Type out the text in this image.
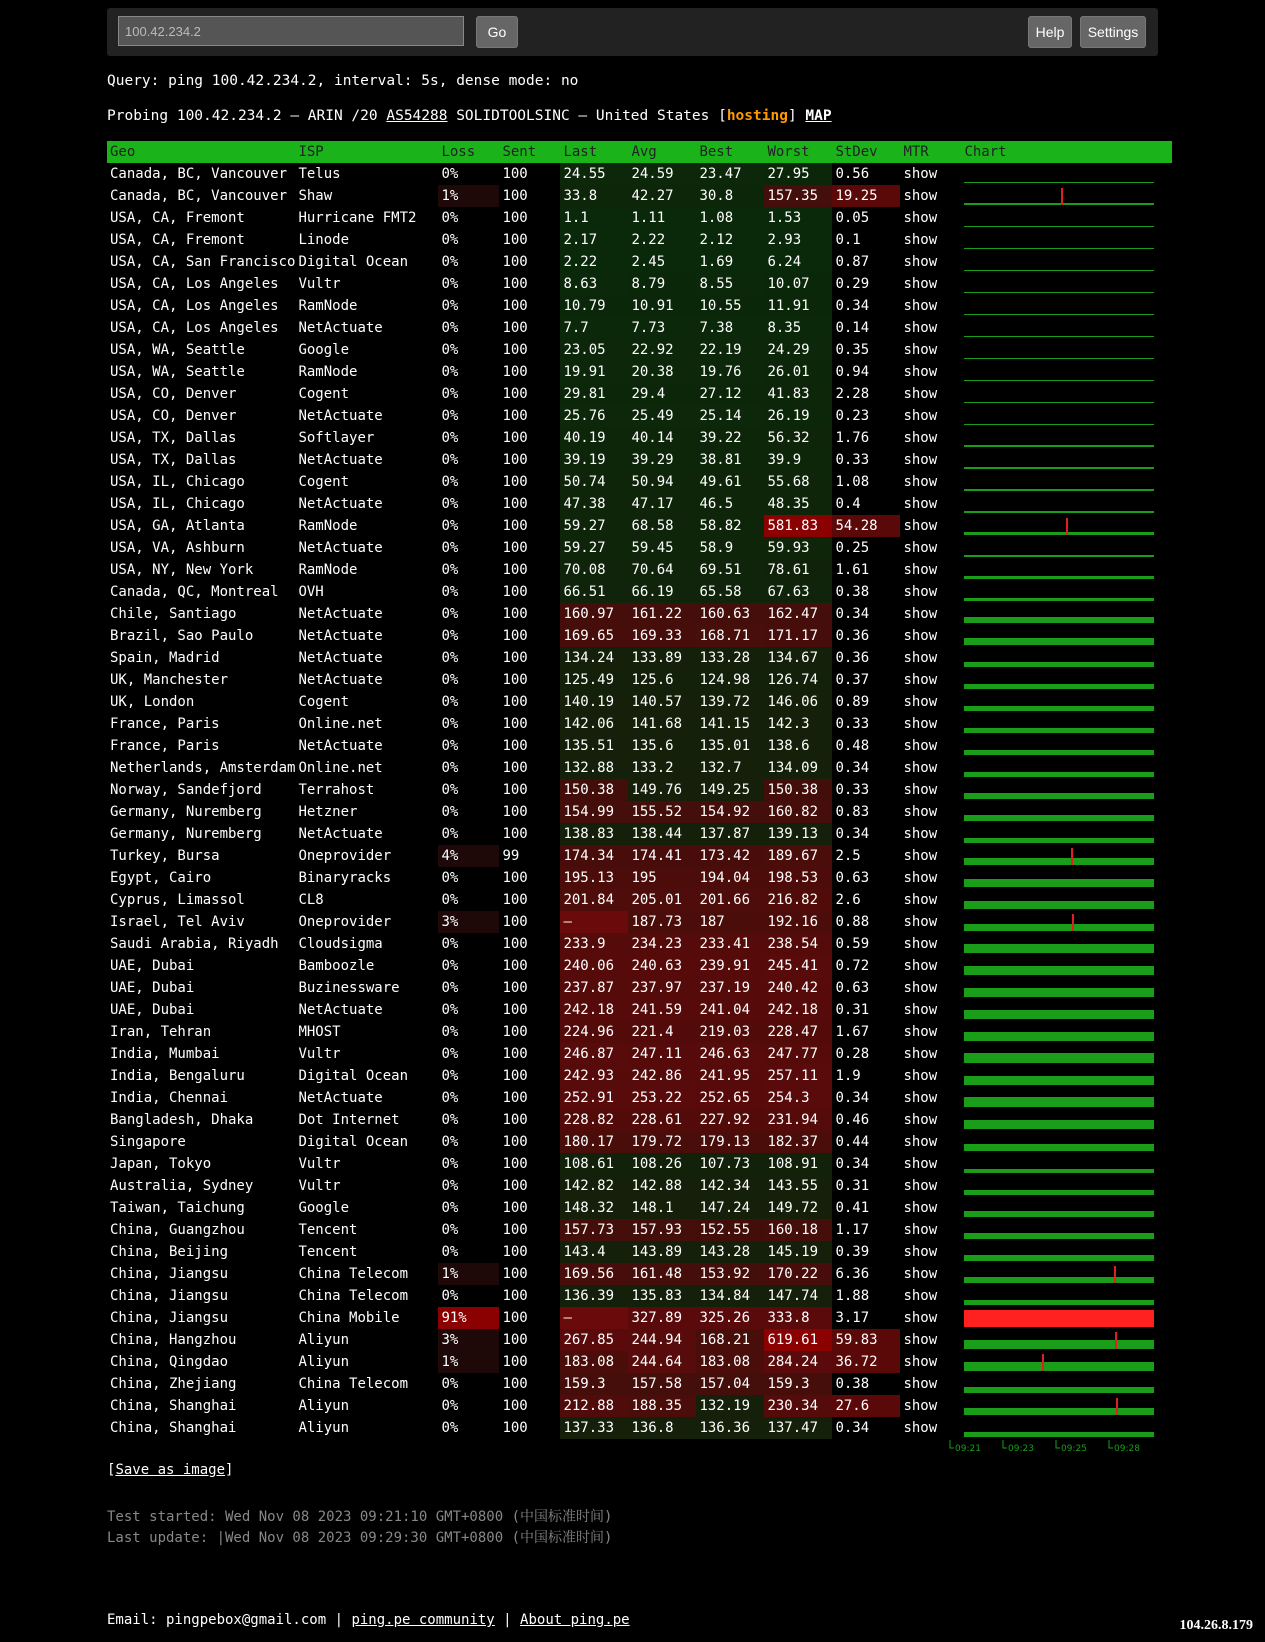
100.42.234.2
Go	Help	Settings
Query: ping 100.42.234.2, interval: 5s, dense mode: no
Probing 100.42.234.2 – ARIN /20 AS54288 SOLIDTOOLSINC – United States [hosting] MAP
Geo	ISP	Loss	Sent	Last	Avg	Best	Worst	StDev	MTR	Chart
Canada, BC, Vancouver	Telus	0%	100	24.55	24.59	23.47	27.95	0.56	show	

Canada, BC, Vancouver	Shaw	1%	100	33.8	42.27	30.8	157.35	19.25	show	

USA, CA, Fremont	Hurricane FMT2	0%	100	1.1	1.11	1.08	1.53	0.05	show	

USA, CA, Fremont	Linode	0%	100	2.17	2.22	2.12	2.93	0.1	show	

USA, CA, San Francisco	Digital Ocean	0%	100	2.22	2.45	1.69	6.24	0.87	show	

USA, CA, Los Angeles	Vultr	0%	100	8.63	8.79	8.55	10.07	0.29	show	

USA, CA, Los Angeles	RamNode	0%	100	10.79	10.91	10.55	11.91	0.34	show	

USA, CA, Los Angeles	NetActuate	0%	100	7.7	7.73	7.38	8.35	0.14	show	

USA, WA, Seattle	Google	0%	100	23.05	22.92	22.19	24.29	0.35	show	

USA, WA, Seattle	RamNode	0%	100	19.91	20.38	19.76	26.01	0.94	show	

USA, CO, Denver	Cogent	0%	100	29.81	29.4	27.12	41.83	2.28	show	

USA, CO, Denver	NetActuate	0%	100	25.76	25.49	25.14	26.19	0.23	show	

USA, TX, Dallas	Softlayer	0%	100	40.19	40.14	39.22	56.32	1.76	show	

USA, TX, Dallas	NetActuate	0%	100	39.19	39.29	38.81	39.9	0.33	show	

USA, IL, Chicago	Cogent	0%	100	50.74	50.94	49.61	55.68	1.08	show	

USA, IL, Chicago	NetActuate	0%	100	47.38	47.17	46.5	48.35	0.4	show	

USA, GA, Atlanta	RamNode	0%	100	59.27	68.58	58.82	581.83	54.28	show	

USA, VA, Ashburn	NetActuate	0%	100	59.27	59.45	58.9	59.93	0.25	show	

USA, NY, New York	RamNode	0%	100	70.08	70.64	69.51	78.61	1.61	show	

Canada, QC, Montreal	OVH	0%	100	66.51	66.19	65.58	67.63	0.38	show	

Chile, Santiago	NetActuate	0%	100	160.97	161.22	160.63	162.47	0.34	show	

Brazil, Sao Paulo	NetActuate	0%	100	169.65	169.33	168.71	171.17	0.36	show	

Spain, Madrid	NetActuate	0%	100	134.24	133.89	133.28	134.67	0.36	show	

UK, Manchester	NetActuate	0%	100	125.49	125.6	124.98	126.74	0.37	show	

UK, London	Cogent	0%	100	140.19	140.57	139.72	146.06	0.89	show	

France, Paris	Online.net	0%	100	142.06	141.68	141.15	142.3	0.33	show	

France, Paris	NetActuate	0%	100	135.51	135.6	135.01	138.6	0.48	show	

Netherlands, Amsterdam	Online.net	0%	100	132.88	133.2	132.7	134.09	0.34	show	

Norway, Sandefjord	Terrahost	0%	100	150.38	149.76	149.25	150.38	0.33	show	

Germany, Nuremberg	Hetzner	0%	100	154.99	155.52	154.92	160.82	0.83	show	

Germany, Nuremberg	NetActuate	0%	100	138.83	138.44	137.87	139.13	0.34	show	

Turkey, Bursa	Oneprovider	4%	99	174.34	174.41	173.42	189.67	2.5	show	

Egypt, Cairo	Binaryracks	0%	100	195.13	195	194.04	198.53	0.63	show	

Cyprus, Limassol	CL8	0%	100	201.84	205.01	201.66	216.82	2.6	show	

Israel, Tel Aviv	Oneprovider	3%	100	–	187.73	187	192.16	0.88	show	

Saudi Arabia, Riyadh	Cloudsigma	0%	100	233.9	234.23	233.41	238.54	0.59	show	

UAE, Dubai	Bamboozle	0%	100	240.06	240.63	239.91	245.41	0.72	show	

UAE, Dubai	Buzinessware	0%	100	237.87	237.97	237.19	240.42	0.63	show	

UAE, Dubai	NetActuate	0%	100	242.18	241.59	241.04	242.18	0.31	show	

Iran, Tehran	MHOST	0%	100	224.96	221.4	219.03	228.47	1.67	show	

India, Mumbai	Vultr	0%	100	246.87	247.11	246.63	247.77	0.28	show	

India, Bengaluru	Digital Ocean	0%	100	242.93	242.86	241.95	257.11	1.9	show	

India, Chennai	NetActuate	0%	100	252.91	253.22	252.65	254.3	0.34	show	

Bangladesh, Dhaka	Dot Internet	0%	100	228.82	228.61	227.92	231.94	0.46	show	

Singapore	Digital Ocean	0%	100	180.17	179.72	179.13	182.37	0.44	show	

Japan, Tokyo	Vultr	0%	100	108.61	108.26	107.73	108.91	0.34	show	

Australia, Sydney	Vultr	0%	100	142.82	142.88	142.34	143.55	0.31	show	

Taiwan, Taichung	Google	0%	100	148.32	148.1	147.24	149.72	0.41	show	

China, Guangzhou	Tencent	0%	100	157.73	157.93	152.55	160.18	1.17	show	

China, Beijing	Tencent	0%	100	143.4	143.89	143.28	145.19	0.39	show	

China, Jiangsu	China Telecom	1%	100	169.56	161.48	153.92	170.22	6.36	show	

China, Jiangsu	China Telecom	0%	100	136.39	135.83	134.84	147.74	1.88	show	

China, Jiangsu	China Mobile	91%	100	–	327.89	325.26	333.8	3.17	show	

China, Hangzhou	Aliyun	3%	100	267.85	244.94	168.21	619.61	59.83	show	

China, Qingdao	Aliyun	1%	100	183.08	244.64	183.08	284.24	36.72	show	

China, Zhejiang	China Telecom	0%	100	159.3	157.58	157.04	159.3	0.38	show	

China, Shanghai	Aliyun	0%	100	212.88	188.35	132.19	230.34	27.6	show	

China, Shanghai	Aliyun	0%	100	137.33	136.8	136.36	137.47	0.34	show	
09:21	09:23	09:25	09:28
[Save as image]
Test started: Wed Nov 08 2023 09:21:10 GMT+0800 (中国标准时间)
Last update: |Wed Nov 08 2023 09:29:30 GMT+0800 (中国标准时间)
Email: pingpebox@gmail.com | ping.pe community | About ping.pe	104.26.8.179
